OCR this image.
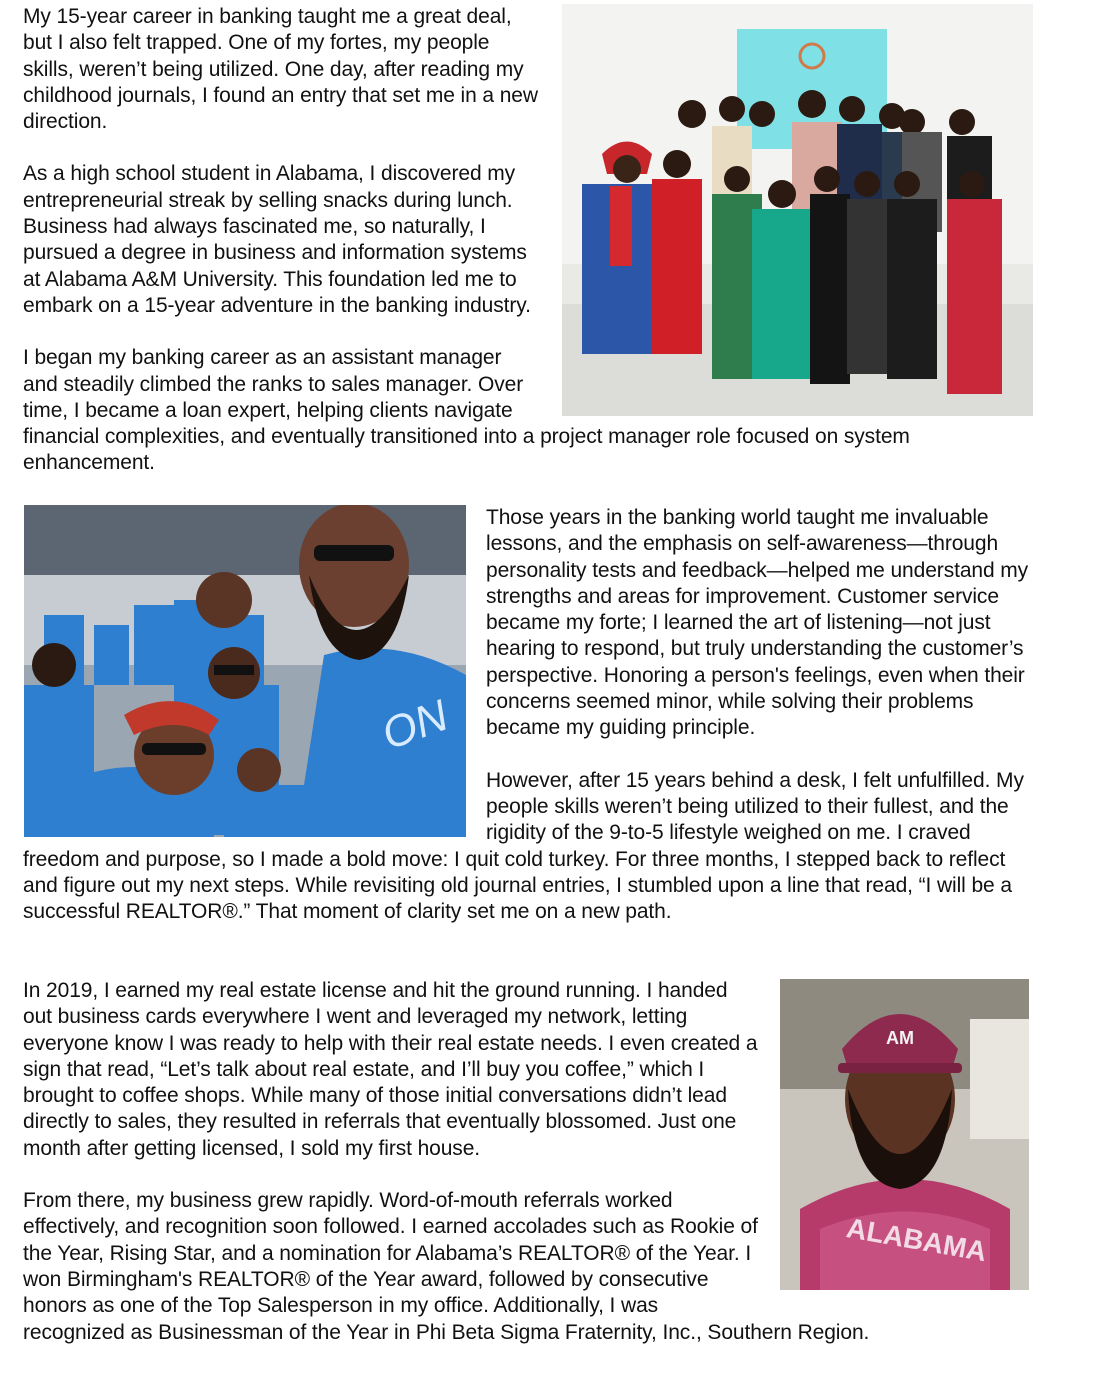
My 15-year career in banking taught me a great deal, but I also felt trapped. One of my fortes, my people skills, weren’t being utilized. One day, after reading my childhood journals, I found an entry that set me in a new direction.

As a high school student in Alabama, I discovered my entrepreneurial streak by selling snacks during lunch. Business had always fascinated me, so naturally, I pursued a degree in business and information systems at Alabama A&M University. This foundation led me to embark on a 15-year adventure in the banking industry.

I began my banking career as an assistant manager and steadily climbed the ranks to sales manager. Over time, I became a loan expert, helping clients navigate financial complexities, and eventually transitioned into a project manager role focused on system enhancement.

ON

Those years in the banking world taught me invaluable lessons, and the emphasis on self-awareness—through personality tests and feedback—helped me understand my strengths and areas for improvement. Customer service became my forte; I learned the art of listening—not just hearing to respond, but truly understanding the customer’s perspective. Honoring a person's feelings, even when their concerns seemed minor, while solving their problems became my guiding principle.

However, after 15 years behind a desk, I felt unfulfilled. My people skills weren’t being utilized to their fullest, and the rigidity of the 9-to-5 lifestyle weighed on me. I craved freedom and purpose, so I made a bold move: I quit cold turkey. For three months, I stepped back to reflect and figure out my next steps. While revisiting old journal entries, I stumbled upon a line that read, “I will be a successful REALTOR®.” That moment of clarity set me on a new path.

AM
ALABAMA

In 2019, I earned my real estate license and hit the ground running. I handed out business cards everywhere I went and leveraged my network, letting everyone know I was ready to help with their real estate needs. I even created a sign that read, “Let’s talk about real estate, and I’ll buy you coffee,” which I brought to coffee shops. While many of those initial conversations didn’t lead directly to sales, they resulted in referrals that eventually blossomed. Just one month after getting licensed, I sold my first house.

From there, my business grew rapidly. Word-of-mouth referrals worked effectively, and recognition soon followed. I earned accolades such as Rookie of the Year, Rising Star, and a nomination for Alabama’s REALTOR® of the Year. I won Birmingham's REALTOR® of the Year award, followed by consecutive honors as one of the Top Salesperson in my office. Additionally, I was recognized as Businessman of the Year in Phi Beta Sigma Fraternity, Inc., Southern Region.
